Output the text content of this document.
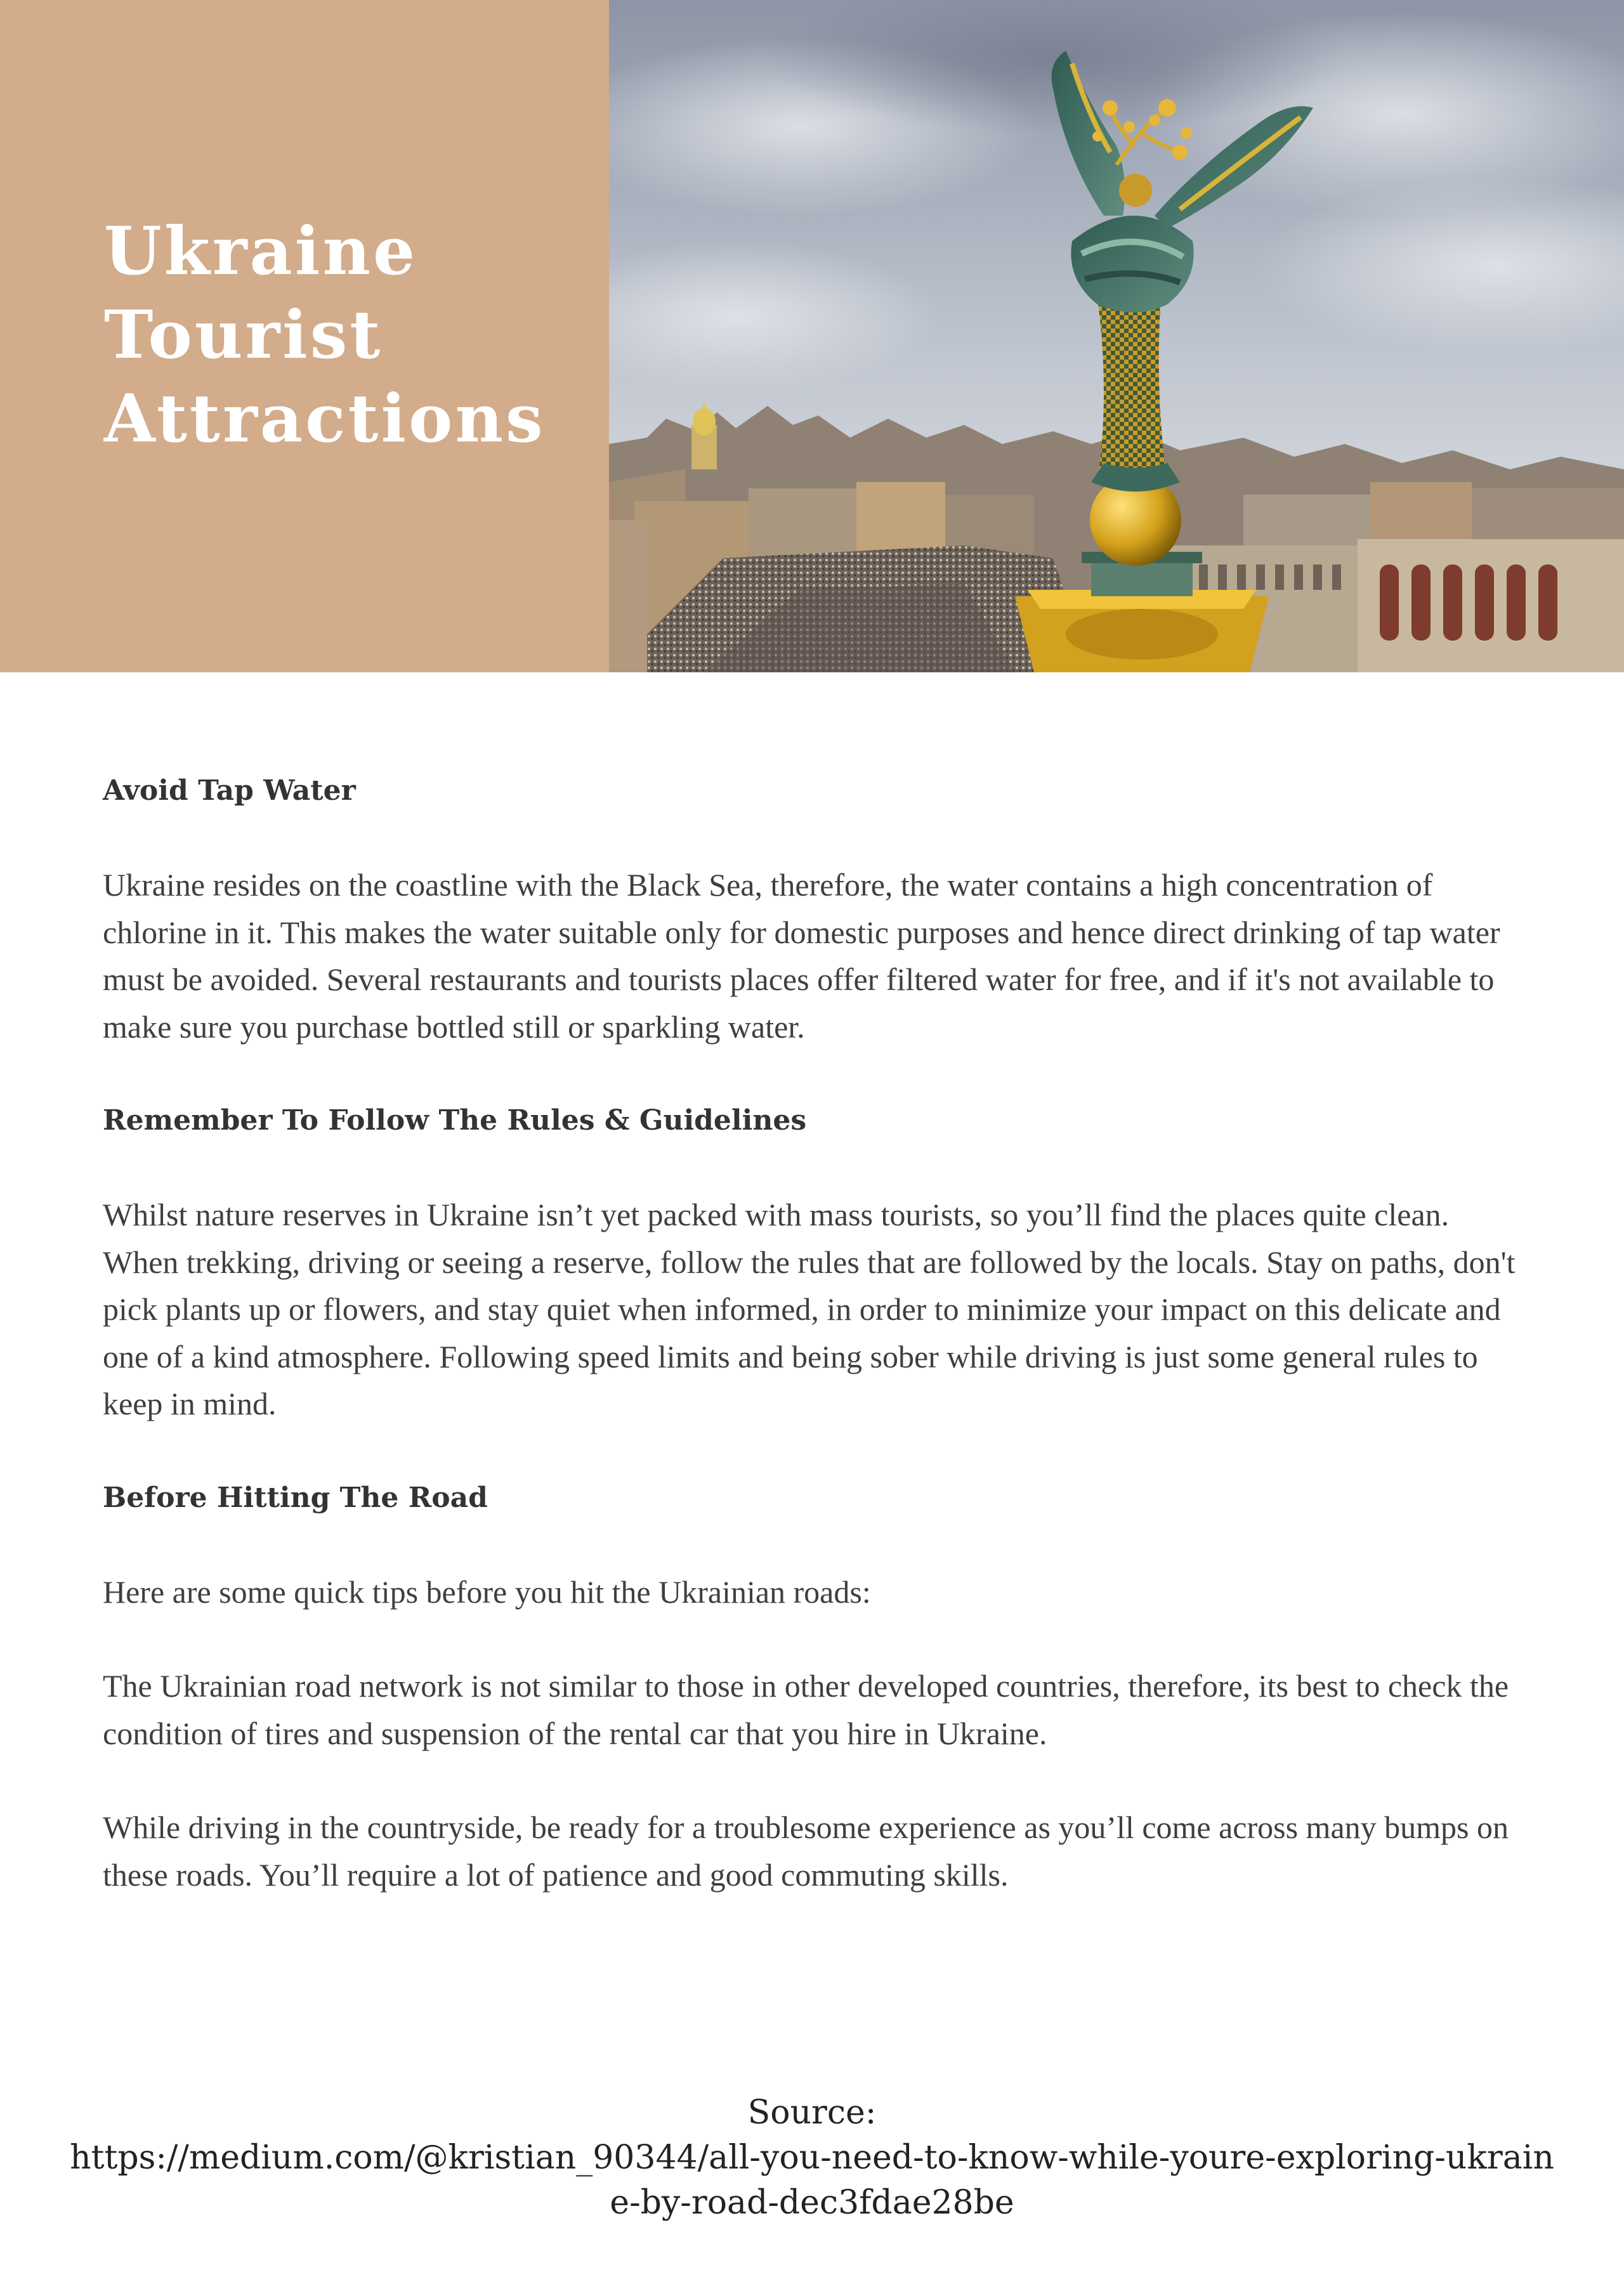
Ukraine
Tourist
Attractions
Avoid Tap Water

Ukraine resides on the coastline with the Black Sea, therefore, the water contains a high concentration of chlorine in it. This makes the water suitable only for domestic purposes and hence direct drinking of tap water must be avoided. Several restaurants and tourists places offer filtered water for free, and if it's not available to make sure you purchase bottled still or sparkling water.

Remember To Follow The Rules & Guidelines

Whilst nature reserves in Ukraine isn’t yet packed with mass tourists, so you’ll find the places quite clean. When trekking, driving or seeing a reserve, follow the rules that are followed by the locals. Stay on paths, don't pick plants up or flowers, and stay quiet when informed, in order to minimize your impact on this delicate and one of a kind atmosphere. Following speed limits and being sober while driving is just some general rules to keep in mind.

Before Hitting The Road

Here are some quick tips before you hit the Ukrainian roads:

The Ukrainian road network is not similar to those in other developed countries, therefore, its best to check the condition of tires and suspension of the rental car that you hire in Ukraine.

While driving in the countryside, be ready for a troublesome experience as you’ll come across many bumps on these roads. You’ll require a lot of patience and good commuting skills.

Source:

https://medium.com/@kristian_90344/all-you-need-to-know-while-youre-exploring-ukraine-by-road-dec3fdae28be
